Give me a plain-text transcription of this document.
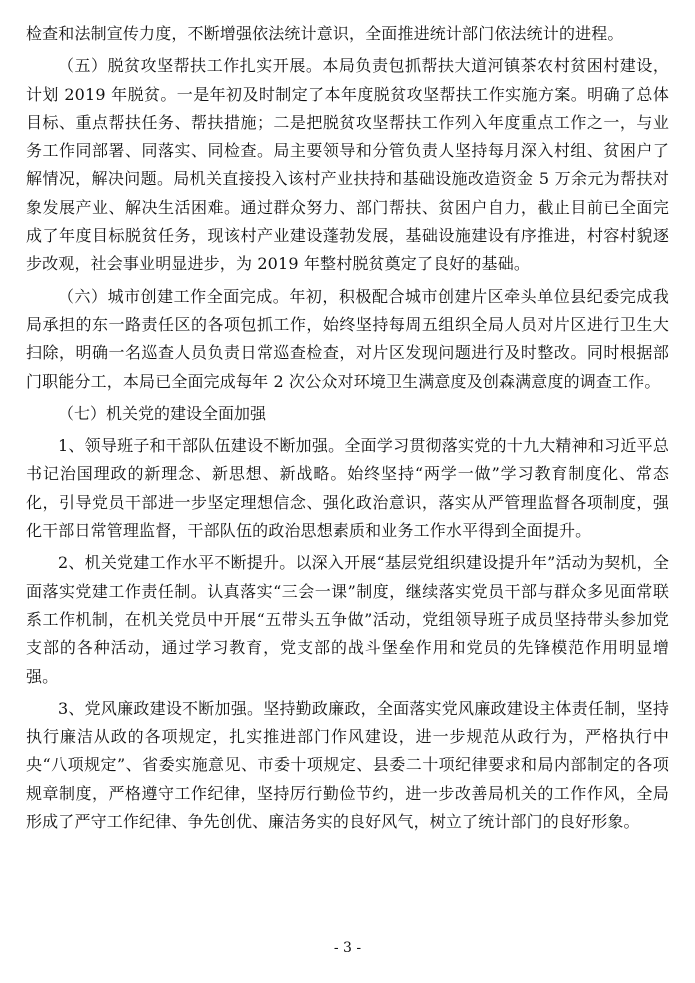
检查和法制宣传力度，不断增强依法统计意识，全面推进统计部门依法统计的进程。

（五）脱贫攻坚帮扶工作扎实开展。本局负责包抓帮扶大道河镇茶农村贫困村建设，计划 2019 年脱贫。一是年初及时制定了本年度脱贫攻坚帮扶工作实施方案。明确了总体目标、重点帮扶任务、帮扶措施；二是把脱贫攻坚帮扶工作列入年度重点工作之一，与业务工作同部署、同落实、同检查。局主要领导和分管负责人坚持每月深入村组、贫困户了解情况，解决问题。局机关直接投入该村产业扶持和基础设施改造资金 5 万余元为帮扶对象发展产业、解决生活困难。通过群众努力、部门帮扶、贫困户自力，截止目前已全面完成了年度目标脱贫任务，现该村产业建设蓬勃发展，基础设施建设有序推进，村容村貌逐步改观，社会事业明显进步，为 2019 年整村脱贫奠定了良好的基础。

（六）城市创建工作全面完成。年初，积极配合城市创建片区牵头单位县纪委完成我局承担的东一路责任区的各项包抓工作，始终坚持每周五组织全局人员对片区进行卫生大扫除，明确一名巡查人员负责日常巡查检查，对片区发现问题进行及时整改。同时根据部门职能分工，本局已全面完成每年 2 次公众对环境卫生满意度及创森满意度的调查工作。

（七）机关党的建设全面加强

1、领导班子和干部队伍建设不断加强。全面学习贯彻落实党的十九大精神和习近平总书记治国理政的新理念、新思想、新战略。始终坚持“两学一做”学习教育制度化、常态化，引导党员干部进一步坚定理想信念、强化政治意识，落实从严管理监督各项制度，强化干部日常管理监督，干部队伍的政治思想素质和业务工作水平得到全面提升。

2、机关党建工作水平不断提升。以深入开展“基层党组织建设提升年”活动为契机，全面落实党建工作责任制。认真落实“三会一课”制度，继续落实党员干部与群众多见面常联系工作机制，在机关党员中开展“五带头五争做”活动，党组领导班子成员坚持带头参加党支部的各种活动，通过学习教育，党支部的战斗堡垒作用和党员的先锋模范作用明显增强。

3、党风廉政建设不断加强。坚持勤政廉政，全面落实党风廉政建设主体责任制，坚持执行廉洁从政的各项规定，扎实推进部门作风建设，进一步规范从政行为，严格执行中央“八项规定”、省委实施意见、市委十项规定、县委二十项纪律要求和局内部制定的各项规章制度，严格遵守工作纪律，坚持厉行勤俭节约，进一步改善局机关的工作作风，全局形成了严守工作纪律、争先创优、廉洁务实的良好风气，树立了统计部门的良好形象。

- 3 -
